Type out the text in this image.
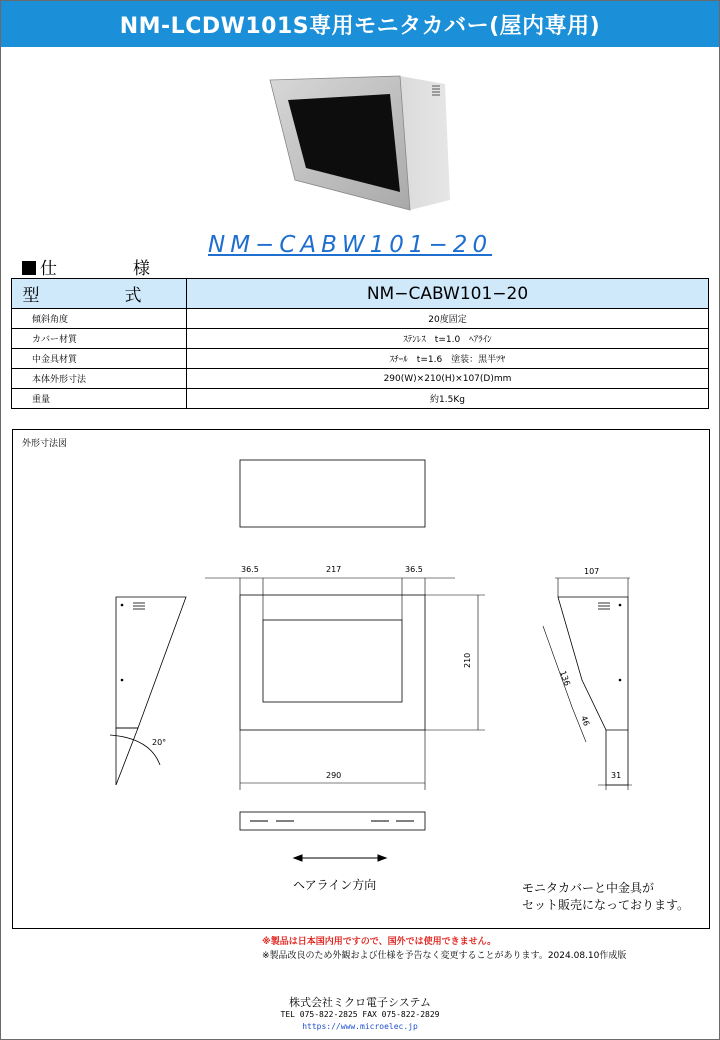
NM-LCDW101S専用モニタカバー(屋内専用)
NM−CABW101−20
仕	様
型　式	NM−CABW101−20
傾斜角度	20度固定
カバー材質	ｽﾃﾝﾚｽ　t=1.0　ﾍｱﾗｲﾝ
中金具材質	ｽﾁｰﾙ　t=1.6　塗装：黒半ﾂﾔ
本体外形寸法	290(W)×210(H)×107(D)mm
重量	約1.5Kg
外形寸法図
36.5	217	36.5
210
290
20°
107
136
46
31
ヘアライン方向	モニタカバーと中金具が
セット販売になっております。
※製品は日本国内用ですので、国外では使用できません。
※製品改良のため外観および仕様を予告なく変更することがあります。2024.08.10作成版
株式会社ミクロ電子システム
TEL 075-822-2825 FAX 075-822-2829
https://www.microelec.jp
